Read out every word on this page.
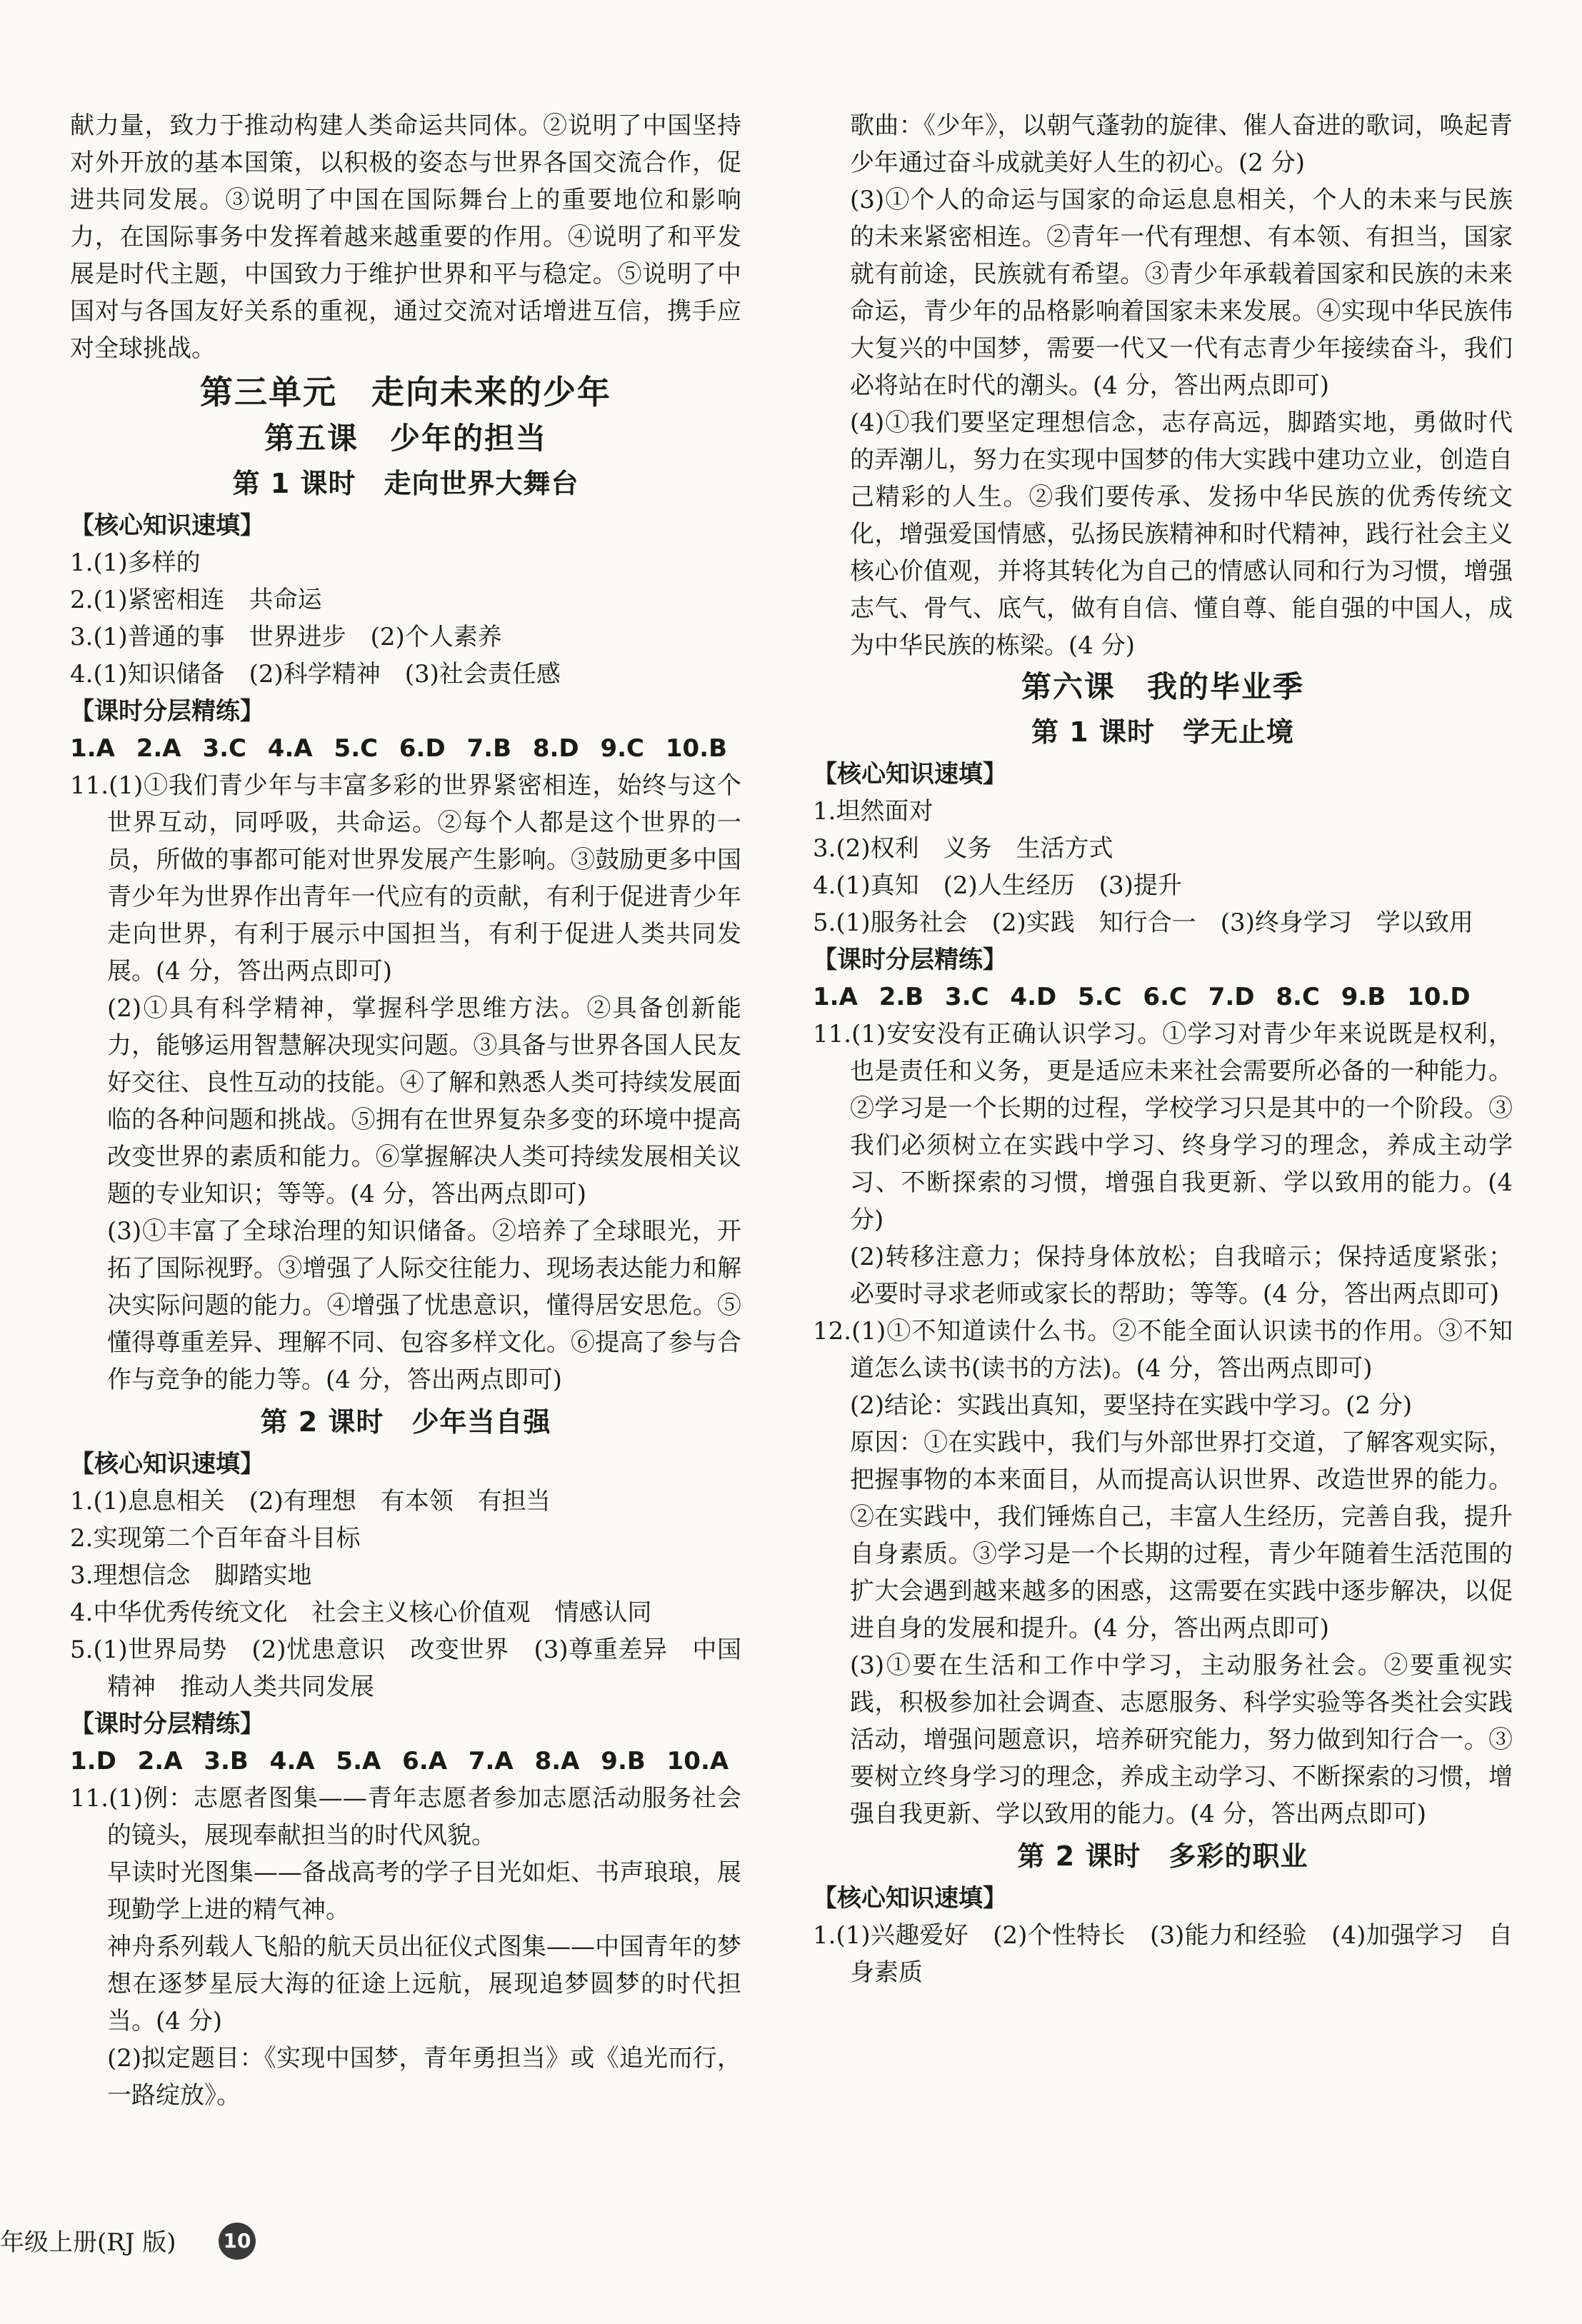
献力量，致力于推动构建人类命运共同体。②说明了中国坚持对外开放的基本国策，以积极的姿态与世界各国交流合作，促进共同发展。③说明了中国在国际舞台上的重要地位和影响力，在国际事务中发挥着越来越重要的作用。④说明了和平发展是时代主题，中国致力于维护世界和平与稳定。⑤说明了中国对与各国友好关系的重视，通过交流对话增进互信，携手应对全球挑战。

第三单元　走向未来的少年
第五课　少年的担当
第 1 课时　走向世界大舞台
【核心知识速填】

1.(1)多样的

2.(1)紧密相连　共命运

3.(1)普通的事　世界进步　(2)个人素养

4.(1)知识储备　(2)科学精神　(3)社会责任感

【课时分层精练】

1.A 2.A 3.C 4.A 5.C 6.D 7.B 8.D 9.C 10.B

11.(1)①我们青少年与丰富多彩的世界紧密相连，始终与这个世界互动，同呼吸，共命运。②每个人都是这个世界的一员，所做的事都可能对世界发展产生影响。③鼓励更多中国青少年为世界作出青年一代应有的贡献，有利于促进青少年走向世界，有利于展示中国担当，有利于促进人类共同发展。(4 分，答出两点即可)

(2)①具有科学精神，掌握科学思维方法。②具备创新能力，能够运用智慧解决现实问题。③具备与世界各国人民友好交往、良性互动的技能。④了解和熟悉人类可持续发展面临的各种问题和挑战。⑤拥有在世界复杂多变的环境中提高改变世界的素质和能力。⑥掌握解决人类可持续发展相关议题的专业知识；等等。(4 分，答出两点即可)

(3)①丰富了全球治理的知识储备。②培养了全球眼光，开拓了国际视野。③增强了人际交往能力、现场表达能力和解决实际问题的能力。④增强了忧患意识，懂得居安思危。⑤懂得尊重差异、理解不同、包容多样文化。⑥提高了参与合作与竞争的能力等。(4 分，答出两点即可)

第 2 课时　少年当自强
【核心知识速填】

1.(1)息息相关　(2)有理想　有本领　有担当

2.实现第二个百年奋斗目标

3.理想信念　脚踏实地

4.中华优秀传统文化　社会主义核心价值观　情感认同

5.(1)世界局势　(2)忧患意识　改变世界　(3)尊重差异　中国精神　推动人类共同发展

【课时分层精练】

1.D 2.A 3.B 4.A 5.A 6.A 7.A 8.A 9.B 10.A

11.(1)例：志愿者图集——青年志愿者参加志愿活动服务社会的镜头，展现奉献担当的时代风貌。

早读时光图集——备战高考的学子目光如炬、书声琅琅，展现勤学上进的精气神。

神舟系列载人飞船的航天员出征仪式图集——中国青年的梦想在逐梦星辰大海的征途上远航，展现追梦圆梦的时代担当。(4 分)

(2)拟定题目：《实现中国梦，青年勇担当》或《追光而行，一路绽放》。

歌曲：《少年》，以朝气蓬勃的旋律、催人奋进的歌词，唤起青少年通过奋斗成就美好人生的初心。(2 分)

(3)①个人的命运与国家的命运息息相关，个人的未来与民族的未来紧密相连。②青年一代有理想、有本领、有担当，国家就有前途，民族就有希望。③青少年承载着国家和民族的未来命运，青少年的品格影响着国家未来发展。④实现中华民族伟大复兴的中国梦，需要一代又一代有志青少年接续奋斗，我们必将站在时代的潮头。(4 分，答出两点即可)

(4)①我们要坚定理想信念，志存高远，脚踏实地，勇做时代的弄潮儿，努力在实现中国梦的伟大实践中建功立业，创造自己精彩的人生。②我们要传承、发扬中华民族的优秀传统文化，增强爱国情感，弘扬民族精神和时代精神，践行社会主义核心价值观，并将其转化为自己的情感认同和行为习惯，增强志气、骨气、底气，做有自信、懂自尊、能自强的中国人，成为中华民族的栋梁。(4 分)

第六课　我的毕业季
第 1 课时　学无止境
【核心知识速填】

1.坦然面对

3.(2)权利　义务　生活方式

4.(1)真知　(2)人生经历　(3)提升

5.(1)服务社会　(2)实践　知行合一　(3)终身学习　学以致用

【课时分层精练】

1.A 2.B 3.C 4.D 5.C 6.C 7.D 8.C 9.B 10.D

11.(1)安安没有正确认识学习。①学习对青少年来说既是权利，也是责任和义务，更是适应未来社会需要所必备的一种能力。②学习是一个长期的过程，学校学习只是其中的一个阶段。③我们必须树立在实践中学习、终身学习的理念，养成主动学习、不断探索的习惯，增强自我更新、学以致用的能力。(4 分)

(2)转移注意力；保持身体放松；自我暗示；保持适度紧张；必要时寻求老师或家长的帮助；等等。(4 分，答出两点即可)

12.(1)①不知道读什么书。②不能全面认识读书的作用。③不知道怎么读书(读书的方法)。(4 分，答出两点即可)

(2)结论：实践出真知，要坚持在实践中学习。(2 分)

原因：①在实践中，我们与外部世界打交道，了解客观实际，把握事物的本来面目，从而提高认识世界、改造世界的能力。②在实践中，我们锤炼自己，丰富人生经历，完善自我，提升自身素质。③学习是一个长期的过程，青少年随着生活范围的扩大会遇到越来越多的困惑，这需要在实践中逐步解决，以促进自身的发展和提升。(4 分，答出两点即可)

(3)①要在生活和工作中学习，主动服务社会。②要重视实践，积极参加社会调查、志愿服务、科学实验等各类社会实践活动，增强问题意识，培养研究能力，努力做到知行合一。③要树立终身学习的理念，养成主动学习、不断探索的习惯，增强自我更新、学以致用的能力。(4 分，答出两点即可)

第 2 课时　多彩的职业
【核心知识速填】

1.(1)兴趣爱好　(2)个性特长　(3)能力和经验　(4)加强学习　自身素质

年级上册(RJ 版) 10
